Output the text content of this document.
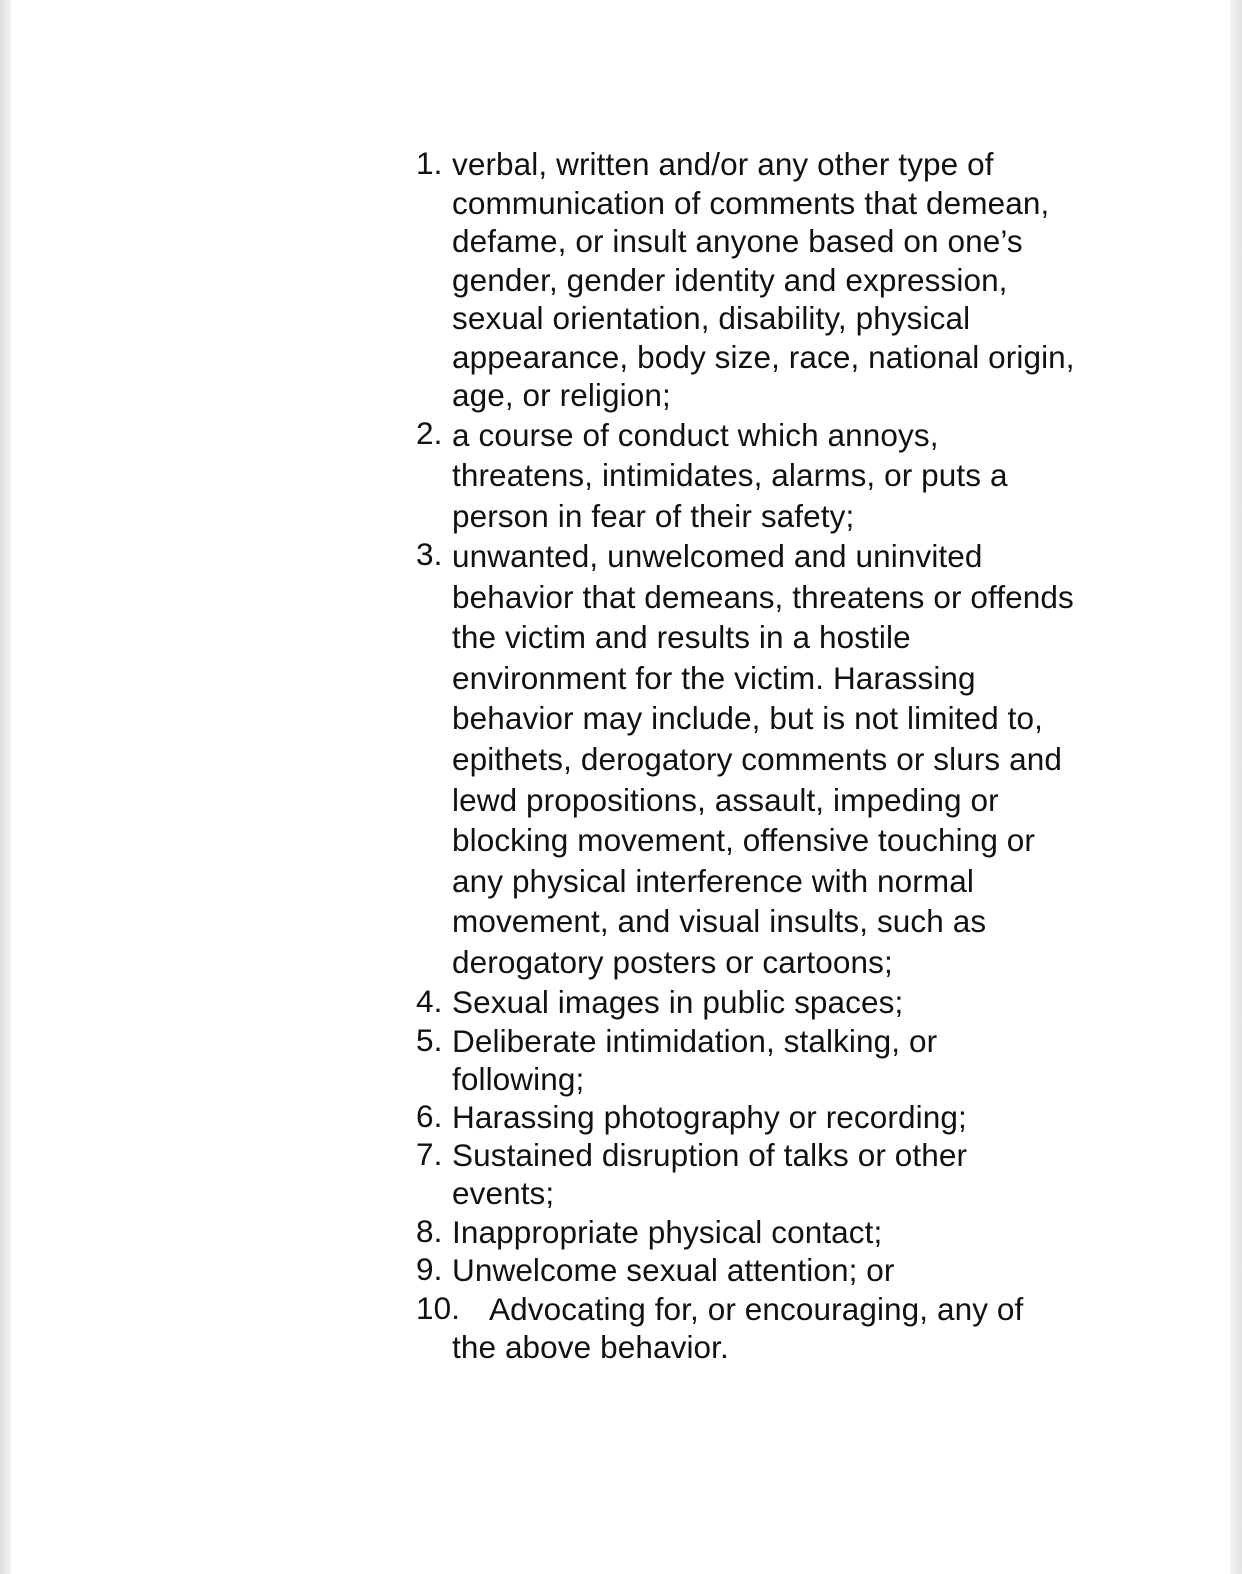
1. verbal, written and/or any other type of communication of comments that demean, defame, or insult anyone based on one’s gender, gender identity and expression, sexual orientation, disability, physical appearance, body size, race, national origin, age, or religion;
2. a course of conduct which annoys, threatens, intimidates, alarms, or puts a person in fear of their safety;
3. unwanted, unwelcomed and uninvited behavior that demeans, threatens or offends the victim and results in a hostile environment for the victim. Harassing behavior may include, but is not limited to, epithets, derogatory comments or slurs and lewd propositions, assault, impeding or blocking movement, offensive touching or any physical interference with normal movement, and visual insults, such as derogatory posters or cartoons;
4. Sexual images in public spaces;
5. Deliberate intimidation, stalking, or following;
6. Harassing photography or recording;
7. Sustained disruption of talks or other events;
8. Inappropriate physical contact;
9. Unwelcome sexual attention; or
10. Advocating for, or encouraging, any of the above behavior.
